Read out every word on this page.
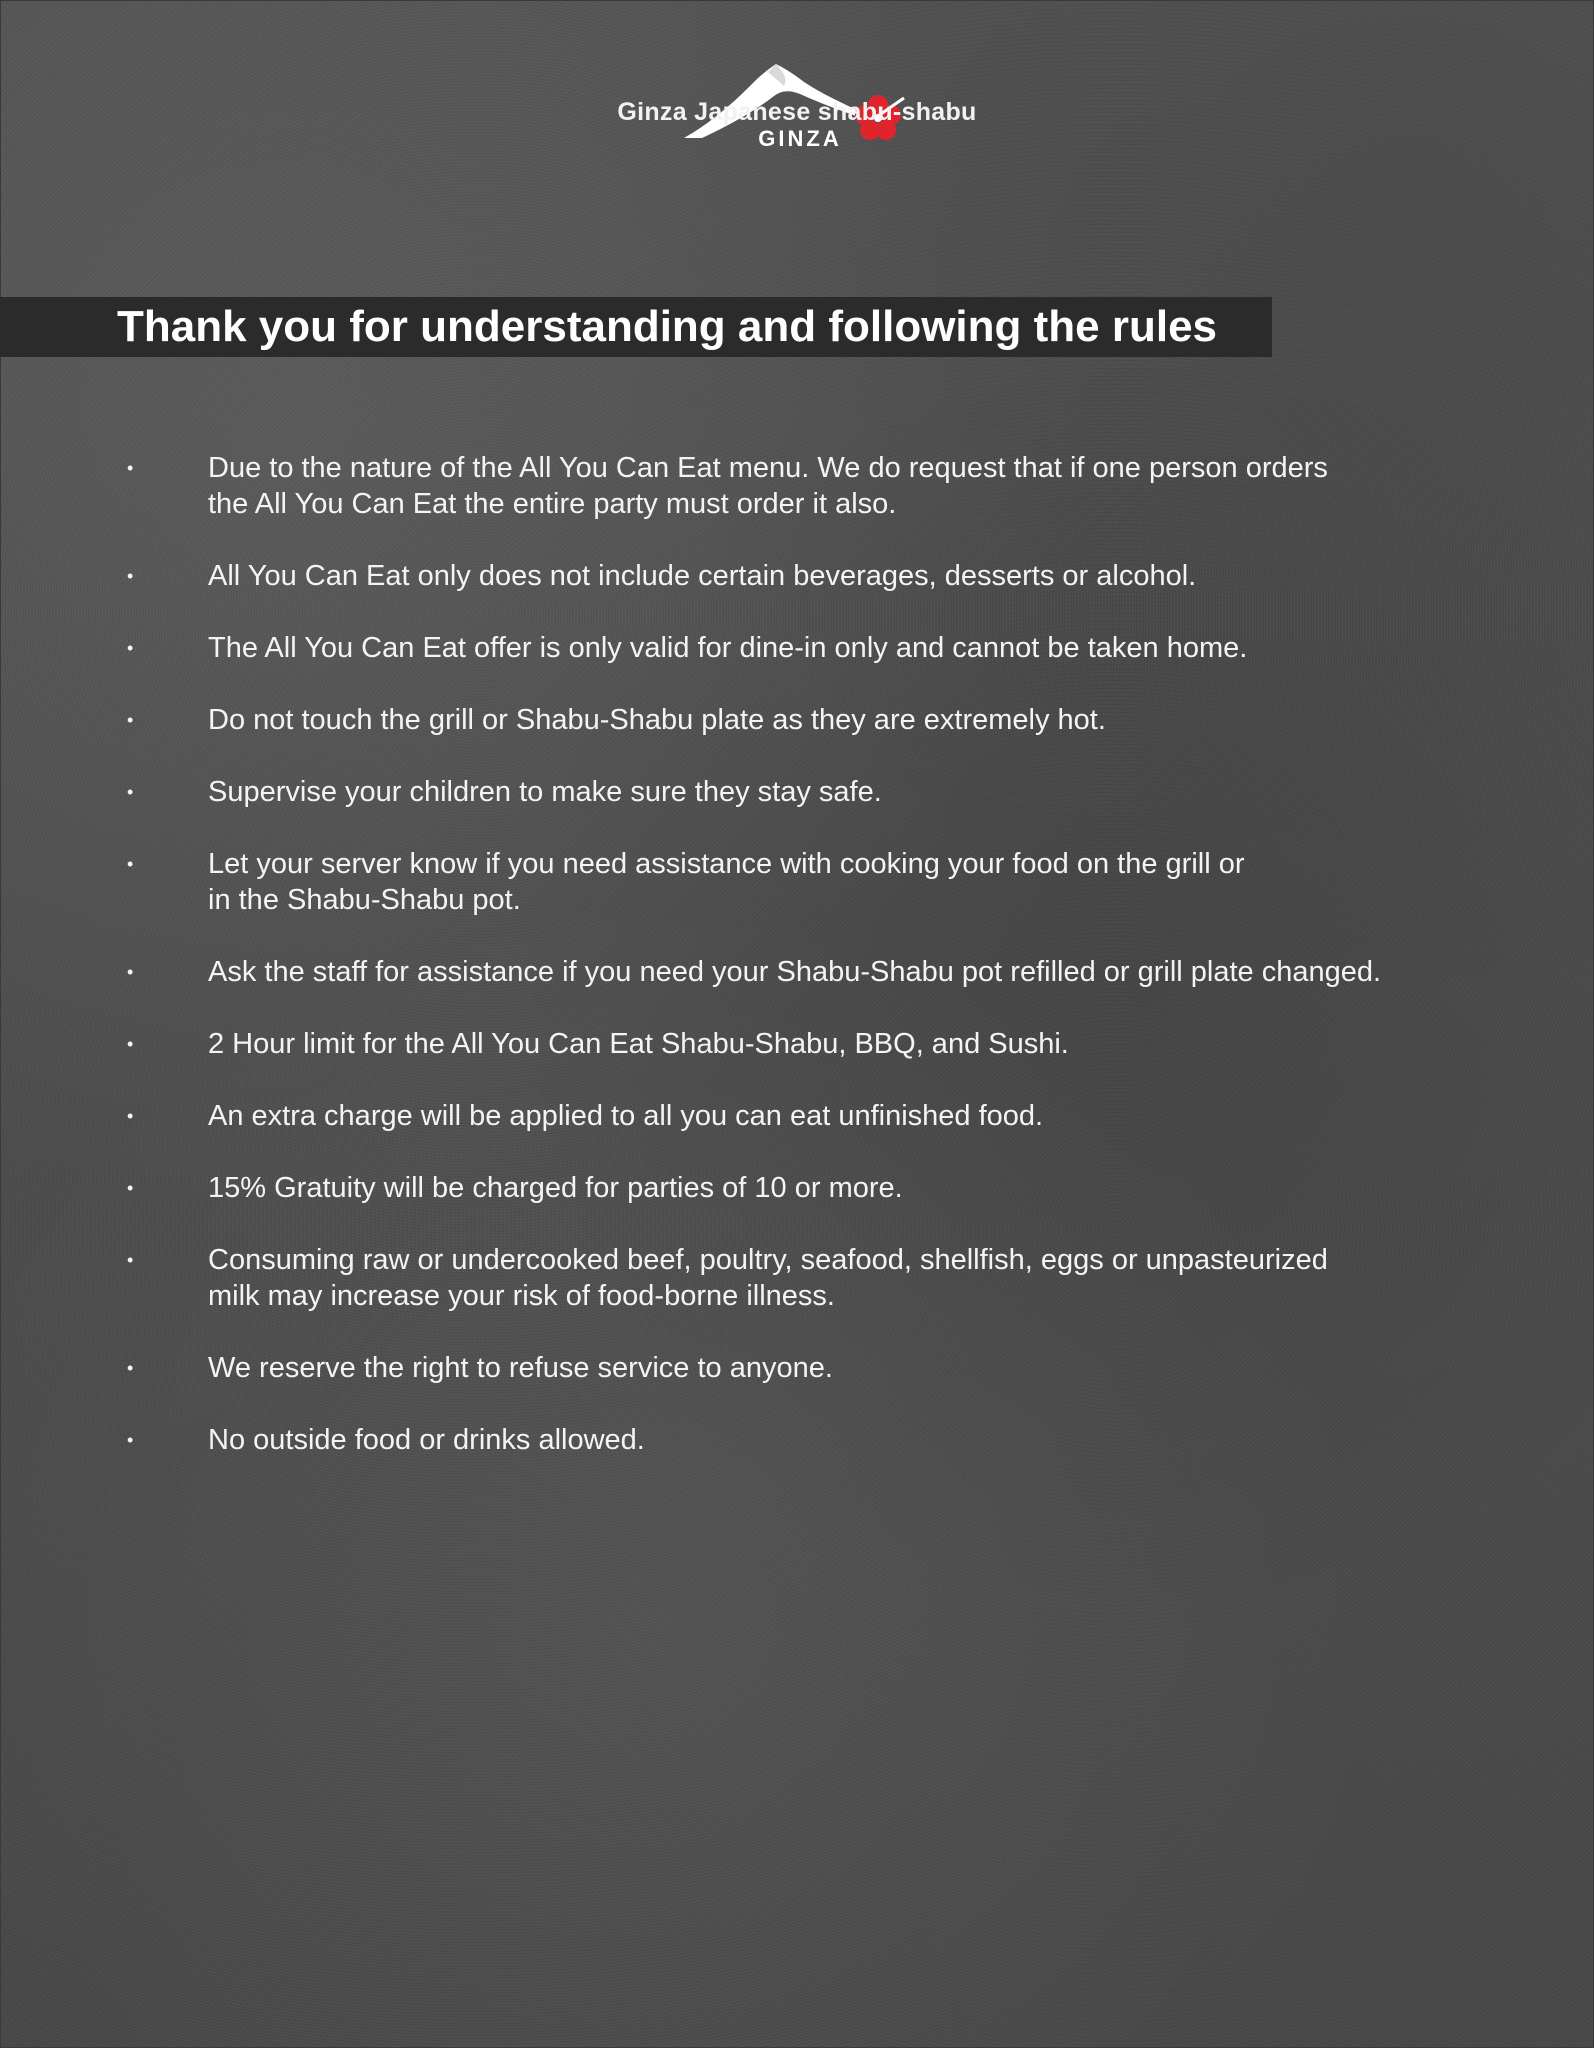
GINZA
Ginza Japanese shabu-shabu
Thank you for understanding and following the rules
•	Due to the nature of the All You Can Eat menu. We do request that if one person orders
the All You Can Eat the entire party must order it also.
•	All You Can Eat only does not include certain beverages, desserts or alcohol.
•	The All You Can Eat offer is only valid for dine-in only and cannot be taken home.
•	Do not touch the grill or Shabu-Shabu plate as they are extremely hot.
•	Supervise your children to make sure they stay safe.
•	Let your server know if you need assistance with cooking your food on the grill or
in the Shabu-Shabu pot.
•	Ask the staff for assistance if you need your Shabu-Shabu pot refilled or grill plate changed.
•	2 Hour limit for the All You Can Eat Shabu-Shabu, BBQ, and Sushi.
•	An extra charge will be applied to all you can eat unfinished food.
•	15% Gratuity will be charged for parties of 10 or more.
•	Consuming raw or undercooked beef, poultry, seafood, shellfish, eggs or unpasteurized
milk may increase your risk of food-borne illness.
•	We reserve the right to refuse service to anyone.
•	No outside food or drinks allowed.
